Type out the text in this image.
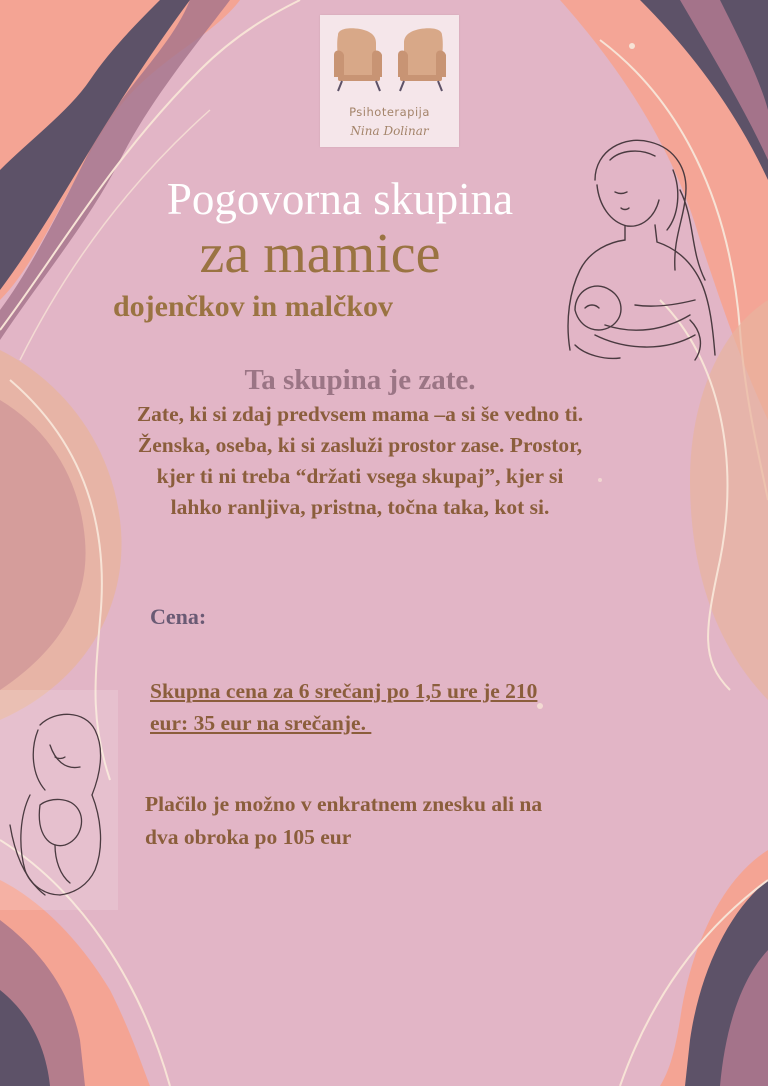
Psihoterapija
Nina Dolinar
Pogovorna skupina
za mamice
dojenčkov in malčkov
Ta skupina je zate.
Zate, ki si zdaj predvsem mama –a si še vedno ti.
Ženska, oseba, ki si zasluži prostor zase. Prostor,
kjer ti ni treba “držati vsega skupaj”, kjer si
lahko ranljiva, pristna, točna taka, kot si.
Cena:
Skupna cena za 6 srečanj po 1,5 ure je 210
eur: 35 eur na srečanje.
Plačilo je možno v enkratnem znesku ali na
dva obroka po 105 eur
